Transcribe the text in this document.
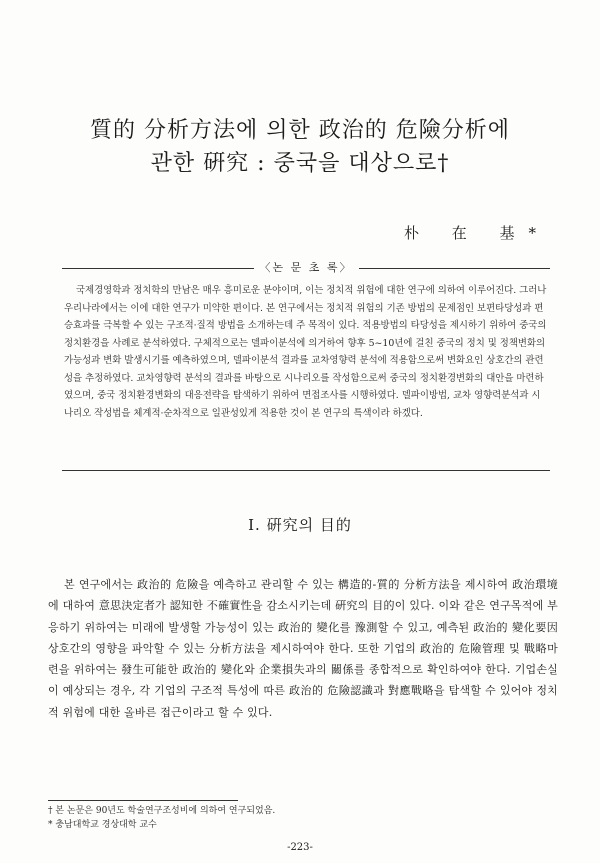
質的 分析方法에 의한 政治的 危險分析에
관한 硏究 : 중국을 대상으로†
朴 在 基*
〈논 문 초 록〉

국제경영학과 정치학의 만남은 매우 흥미로운 분야이며, 이는 정치적 위험에 대한 연구에 의하여 이루어진다. 그러나 우리나라에서는 이에 대한 연구가 미약한 편이다. 본 연구에서는 정치적 위험의 기존 방법의 문제점인 보편타당성과 편승효과를 극복할 수 있는 구조적·질적 방법을 소개하는데 주 목적이 있다. 적용방법의 타당성을 제시하기 위하여 중국의 정치환경을 사례로 분석하였다. 구체적으로는 델파이분석에 의거하여 향후 5~10년에 걸친 중국의 정치 및 정책변화의 가능성과 변화 발생시기를 예측하였으며, 델파이분석 결과를 교차영향력 분석에 적용함으로써 변화요인 상호간의 관련성을 추정하였다. 교차영향력 분석의 결과를 바탕으로 시나리오를 작성함으로써 중국의 정치환경변화의 대안을 마련하였으며, 중국 정치환경변화의 대응전략을 탐색하기 위하여 면접조사를 시행하였다. 델파이방법, 교차 영향력분석과 시나리오 작성법을 체계적·순차적으로 일관성있게 적용한 것이 본 연구의 특색이라 하겠다.

Ⅰ. 硏究의 目的

본 연구에서는 政治的 危險을 예측하고 관리할 수 있는 構造的-質的 分析方法을 제시하여 政治環境에 대하여 意思決定者가 認知한 不確實性을 감소시키는데 硏究의 目的이 있다. 이와 같은 연구목적에 부응하기 위하여는 미래에 발생할 가능성이 있는 政治的 變化를 豫測할 수 있고, 예측된 政治的 變化要因 상호간의 영향을 파악할 수 있는 分析方法을 제시하여야 한다. 또한 기업의 政治的 危險管理 및 戰略마련을 위하여는 發生可能한 政治的 變化와 企業損失과의 關係를 종합적으로 확인하여야 한다. 기업손실이 예상되는 경우, 각 기업의 구조적 특성에 따른 政治的 危險認識과 對應戰略을 탐색할 수 있어야 정치적 위험에 대한 올바른 접근이라고 할 수 있다.

† 본 논문은 90년도 학술연구조성비에 의하여 연구되었음.
* 충남대학교 경상대학 교수
-223-
